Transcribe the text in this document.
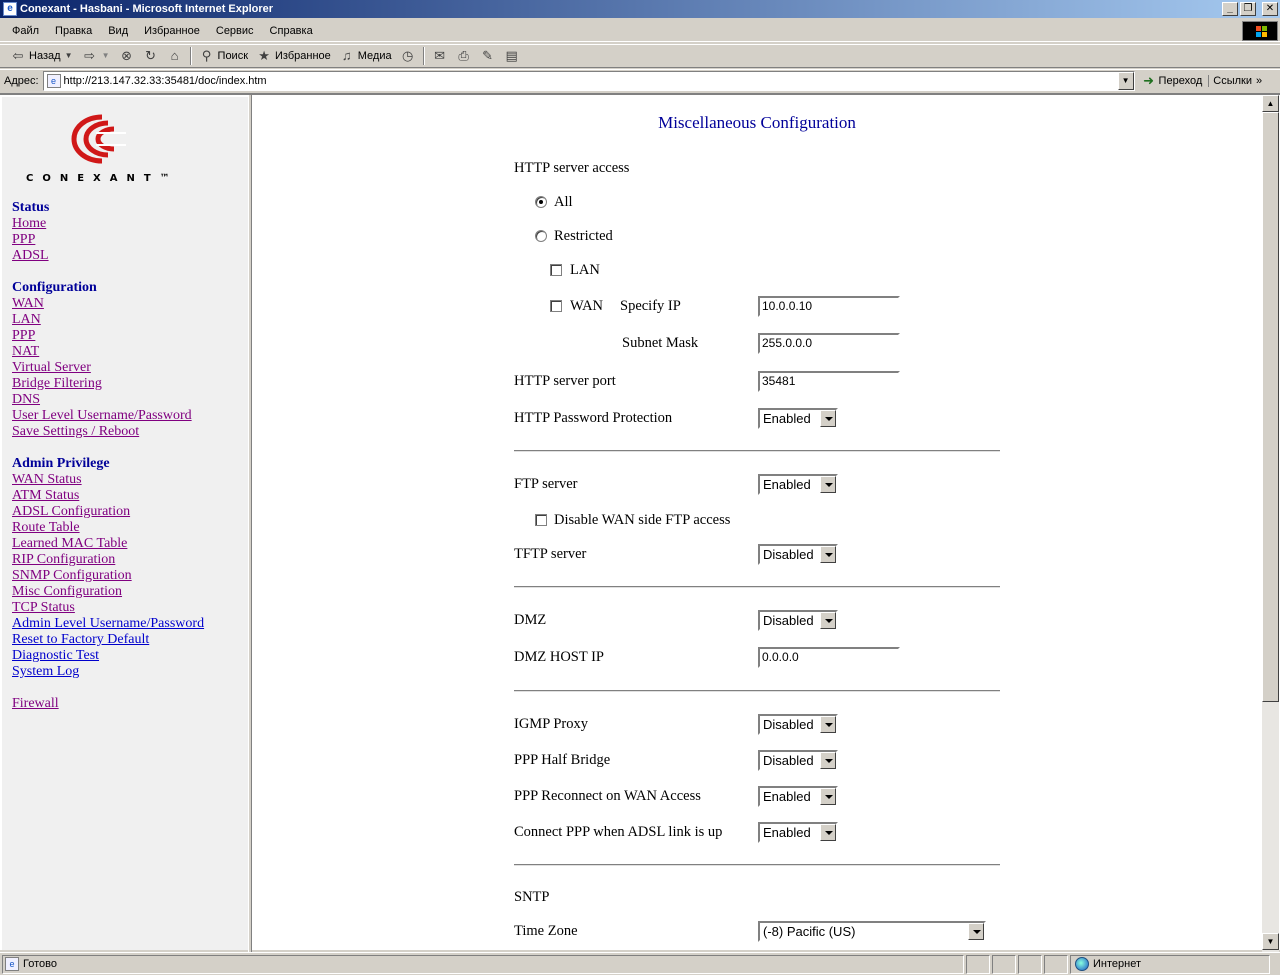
e Conexant - Hasbani - Microsoft Internet Explorer	_	❐	✕
Файл	Правка	Вид	Избранное	Сервис	Справка
⇦ Назад ▼ ⇨ ▼ ⊗ ↻	⌂	⚲ Поиск ★ Избранное ♫ Медиа ◷ ✉ ⎙ ✎ ▤
Адрес:	e http://213.147.32.33:35481/doc/index.htm	▼	➜ Переход	Ссылки »
CONEXANT™
Status
Home
PPP
ADSL
Configuration
WAN
LAN
PPP
NAT
Virtual Server
Bridge Filtering
DNS
User Level Username/Password
Save Settings / Reboot
Admin Privilege
WAN Status
ATM Status
ADSL Configuration
Route Table
Learned MAC Table
RIP Configuration
SNMP Configuration
Misc Configuration
TCP Status
Admin Level Username/Password
Reset to Factory Default
Diagnostic Test
System Log
Firewall
Miscellaneous Configuration
HTTP server access
All
Restricted
LAN
WAN Specify IP	10.0.0.10
Subnet Mask	255.0.0.0
HTTP server port	35481
HTTP Password Protection	Enabled
FTP server	Enabled
Disable WAN side FTP access
TFTP server	Disabled
DMZ	Disabled
DMZ HOST IP	0.0.0.0
IGMP Proxy	Disabled
PPP Half Bridge	Disabled
PPP Reconnect on WAN Access	Enabled
Connect PPP when ADSL link is up	Enabled
SNTP
Time Zone	(-8) Pacific (US)
▲
▼
e Готово	Интернет
